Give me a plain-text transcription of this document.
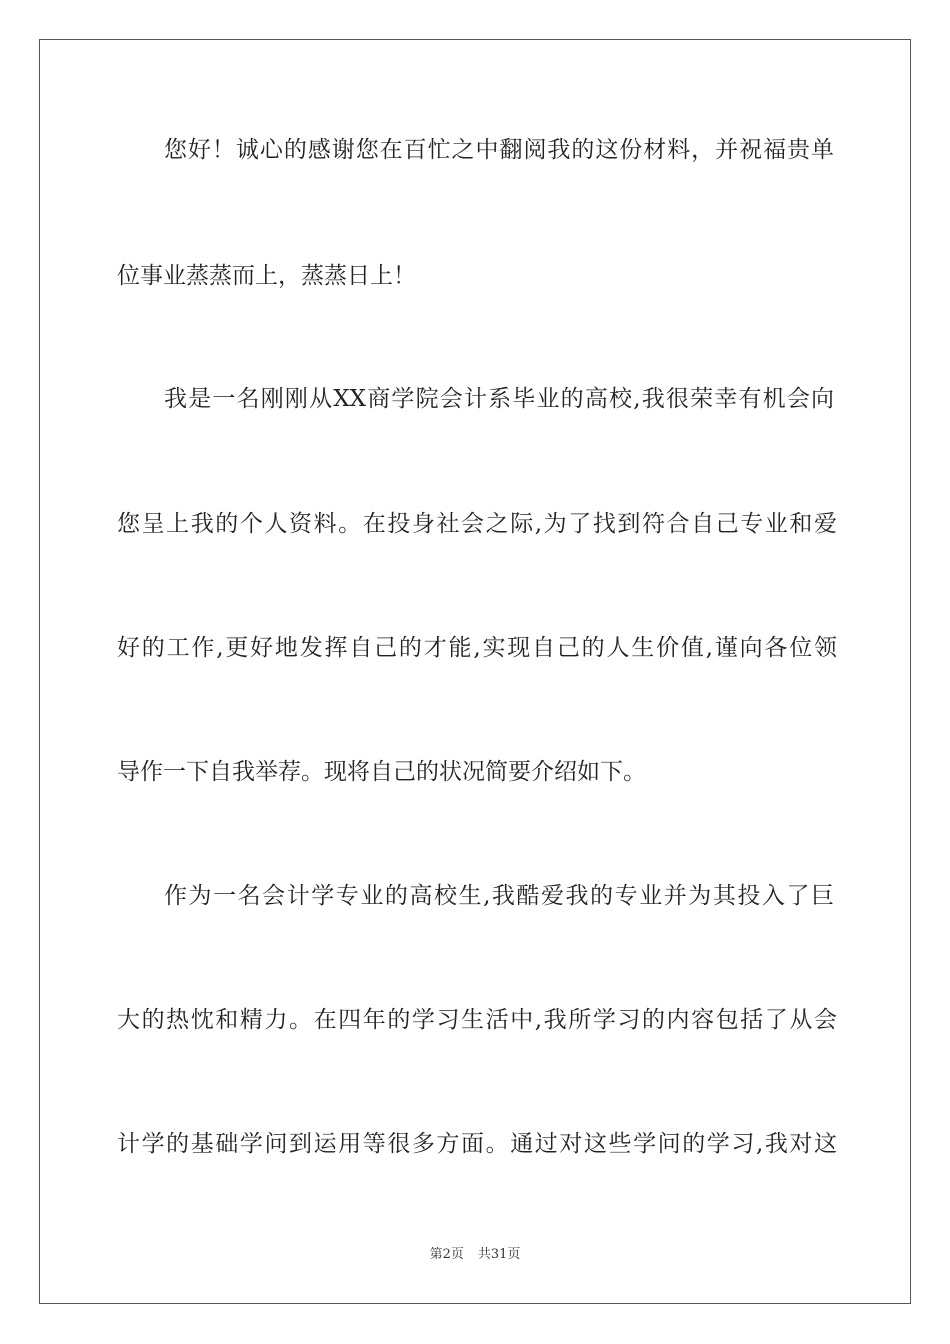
您好！诚心的感谢您在百忙之中翻阅我的这份材料，并祝福贵单
位事业蒸蒸而上，蒸蒸日上！
我是一名刚刚从XX商学院会计系毕业的高校,我很荣幸有机会向
您呈上我的个人资料。在投身社会之际,为了找到符合自己专业和爱
好的工作,更好地发挥自己的才能,实现自己的人生价值,谨向各位领
导作一下自我举荐。现将自己的状况简要介绍如下。
作为一名会计学专业的高校生,我酷爱我的专业并为其投入了巨
大的热忱和精力。在四年的学习生活中,我所学习的内容包括了从会
计学的基础学问到运用等很多方面。通过对这些学问的学习,我对这
第2页 共31页
